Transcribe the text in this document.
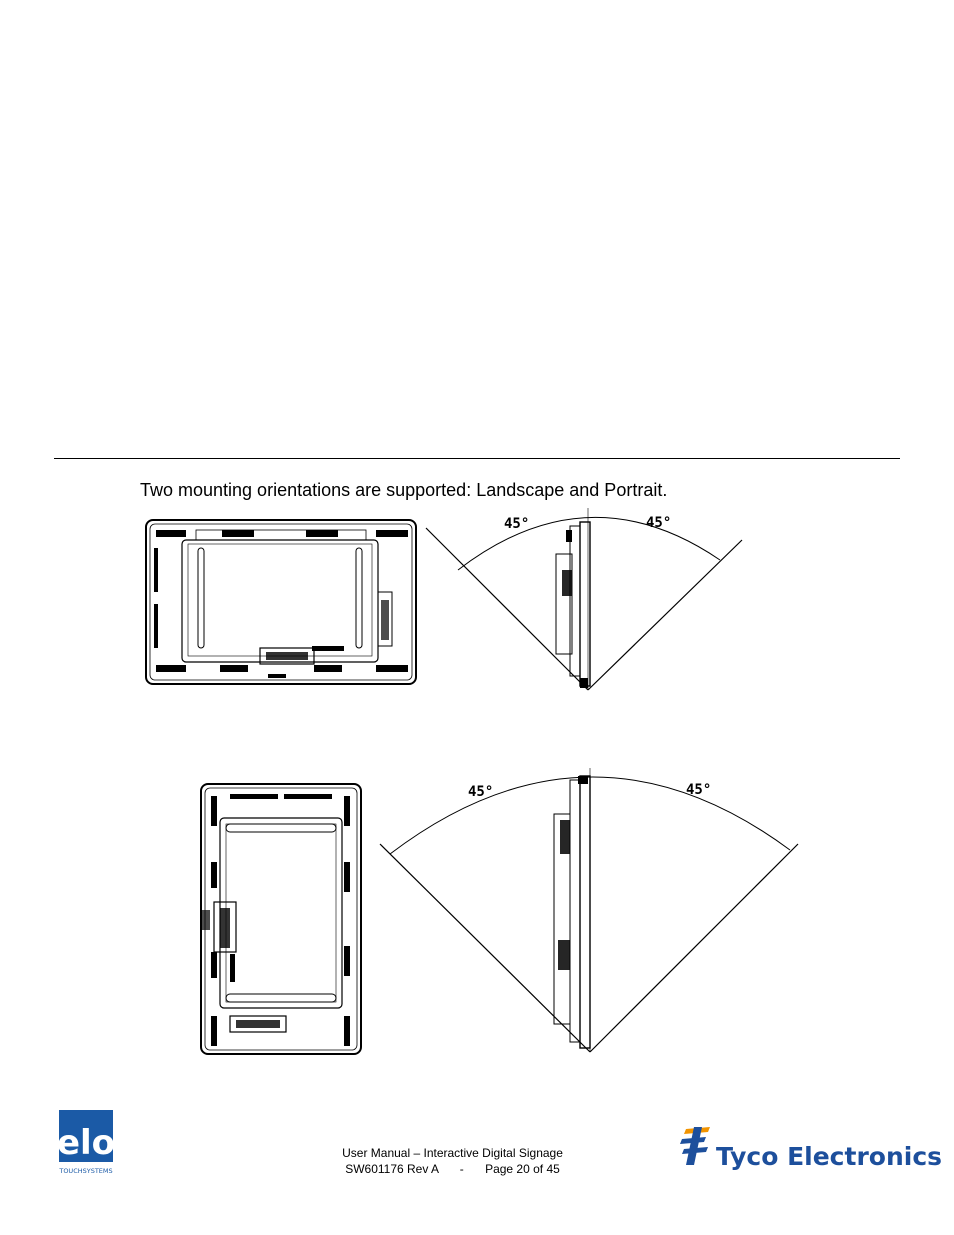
Two mounting orientations are supported: Landscape and Portrait.
45°	45°
45°	45°
elo
TOUCHSYSTEMS
User Manual – Interactive Digital Signage
SW601176 Rev A - Page 20 of 45	Tyco Electronics
